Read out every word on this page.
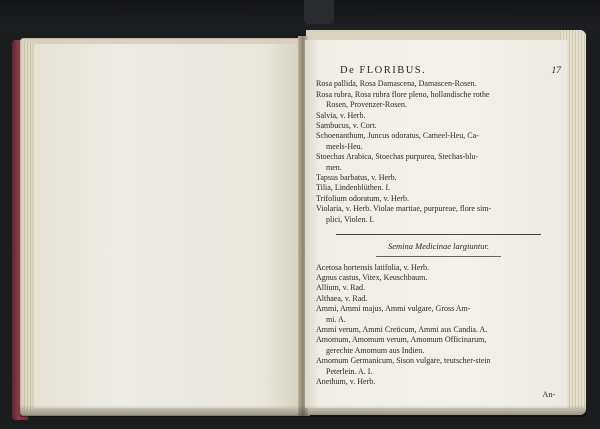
De FLORIBUS.	17
Rosa pallida, Rosa Damascena, Damascen-Rosen.
Rosa rubra, Rosa rubra flore pleno, hollandische rothe
Rosen, Provenzer-Rosen.
Salvia, v. Herb.
Sambucus, v. Cort.
Schoenanthum, Juncus odoratus, Cameel-Heu, Ca-
meels-Heu.
Stoechas Arabica, Stoechas purpurea, Stechas-blu-
men.
Tapsus barbatus, v. Herb.
Tilia, Lindenblüthen. I.
Trifolium odoratum, v. Herb.
Violaria, v. Herb. Violae martiae, purpureae, flore sim-
plici, Violen. I.
Semina Medicinae largiuntur.
Acetosa hortensis latifolia, v. Herb.
Agnus castus, Vitex, Keuschbaum.
Allium, v. Rad.
Althaea, v. Rad.
Ammi, Ammi majus, Ammi vulgare, Gross Am-
mi. A.
Ammi verum, Ammi Creticum, Ammi aus Candia. A.
Amomum, Amomum verum, Amomum Officinarum,
gerechte Amomum aus Indien.
Amomum Germanicum, Sison vulgare, teutscher-stein
Peterlein. A. I.
Anethum, v. Herb.
An-
